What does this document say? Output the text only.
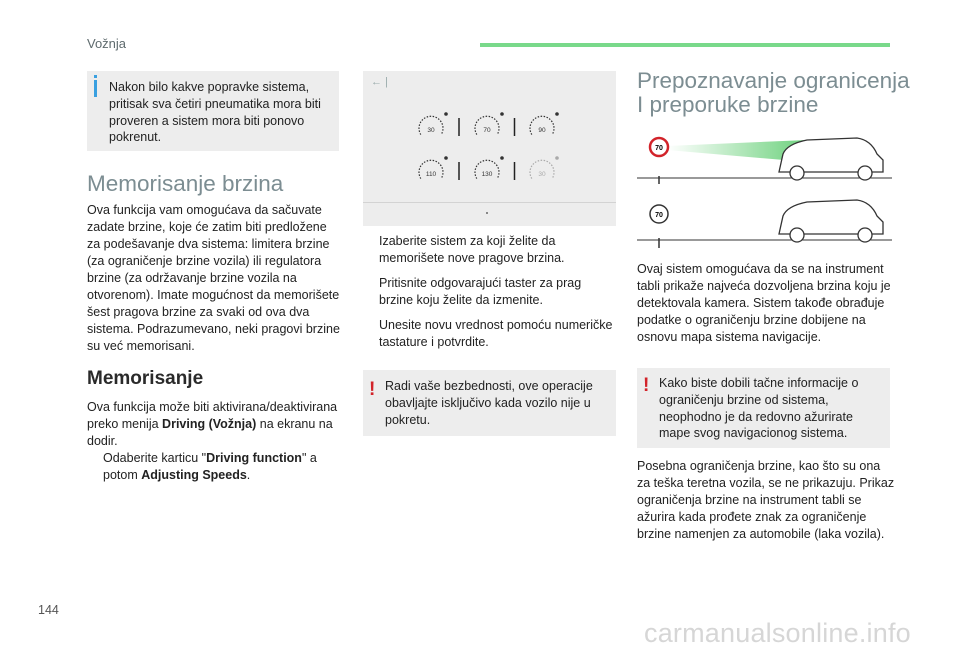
Vožnja
Nakon bilo kakve popravke sistema, pritisak sva četiri pneumatika mora biti proveren a sistem mora biti ponovo pokrenut.
Memorisanje brzina
Ova funkcija vam omogućava da sačuvate zadate brzine, koje će zatim biti predložene za podešavanje dva sistema: limitera brzine (za ograničenje brzine vozila) ili regulatora brzine (za održavanje brzine vozila na otvorenom). Imate mogućnost da memorišete šest pragova brzine za svaki od ova dva sistema. Podrazumevano, neki pragovi brzine su već memorisani.
Memorisanje
Ova funkcija može biti aktivirana/deaktivirana preko menija Driving (Vožnja) na ekranu na dodir.
Odaberite karticu "Driving function" a potom Adjusting Speeds.
← |
30	70	90
110	130	30
Izaberite sistem za koji želite da memorišete nove pragove brzina.
Pritisnite odgovarajući taster za prag brzine koju želite da izmenite.
Unesite novu vrednost pomoću numeričke tastature i potvrdite.
! Radi vaše bezbednosti, ove operacije obavljajte isključivo kada vozilo nije u pokretu.
Prepoznavanje ogranicenja
I preporuke brzine
70
70
Ovaj sistem omogućava da se na instrument tabli prikaže najveća dozvoljena brzina koju je detektovala kamera. Sistem takođe obrađuje podatke o ograničenju brzine dobijene na osnovu mapa sistema navigacije.
! Kako biste dobili tačne informacije o ograničenju brzine od sistema, neophodno je da redovno ažurirate mape svog navigacionog sistema.
Posebna ograničenja brzine, kao što su ona za teška teretna vozila, se ne prikazuju. Prikaz ograničenja brzine na instrument tabli se ažurira kada prođete znak za ograničenje brzine namenjen za automobile (laka vozila).
144
carmanualsonline.info
